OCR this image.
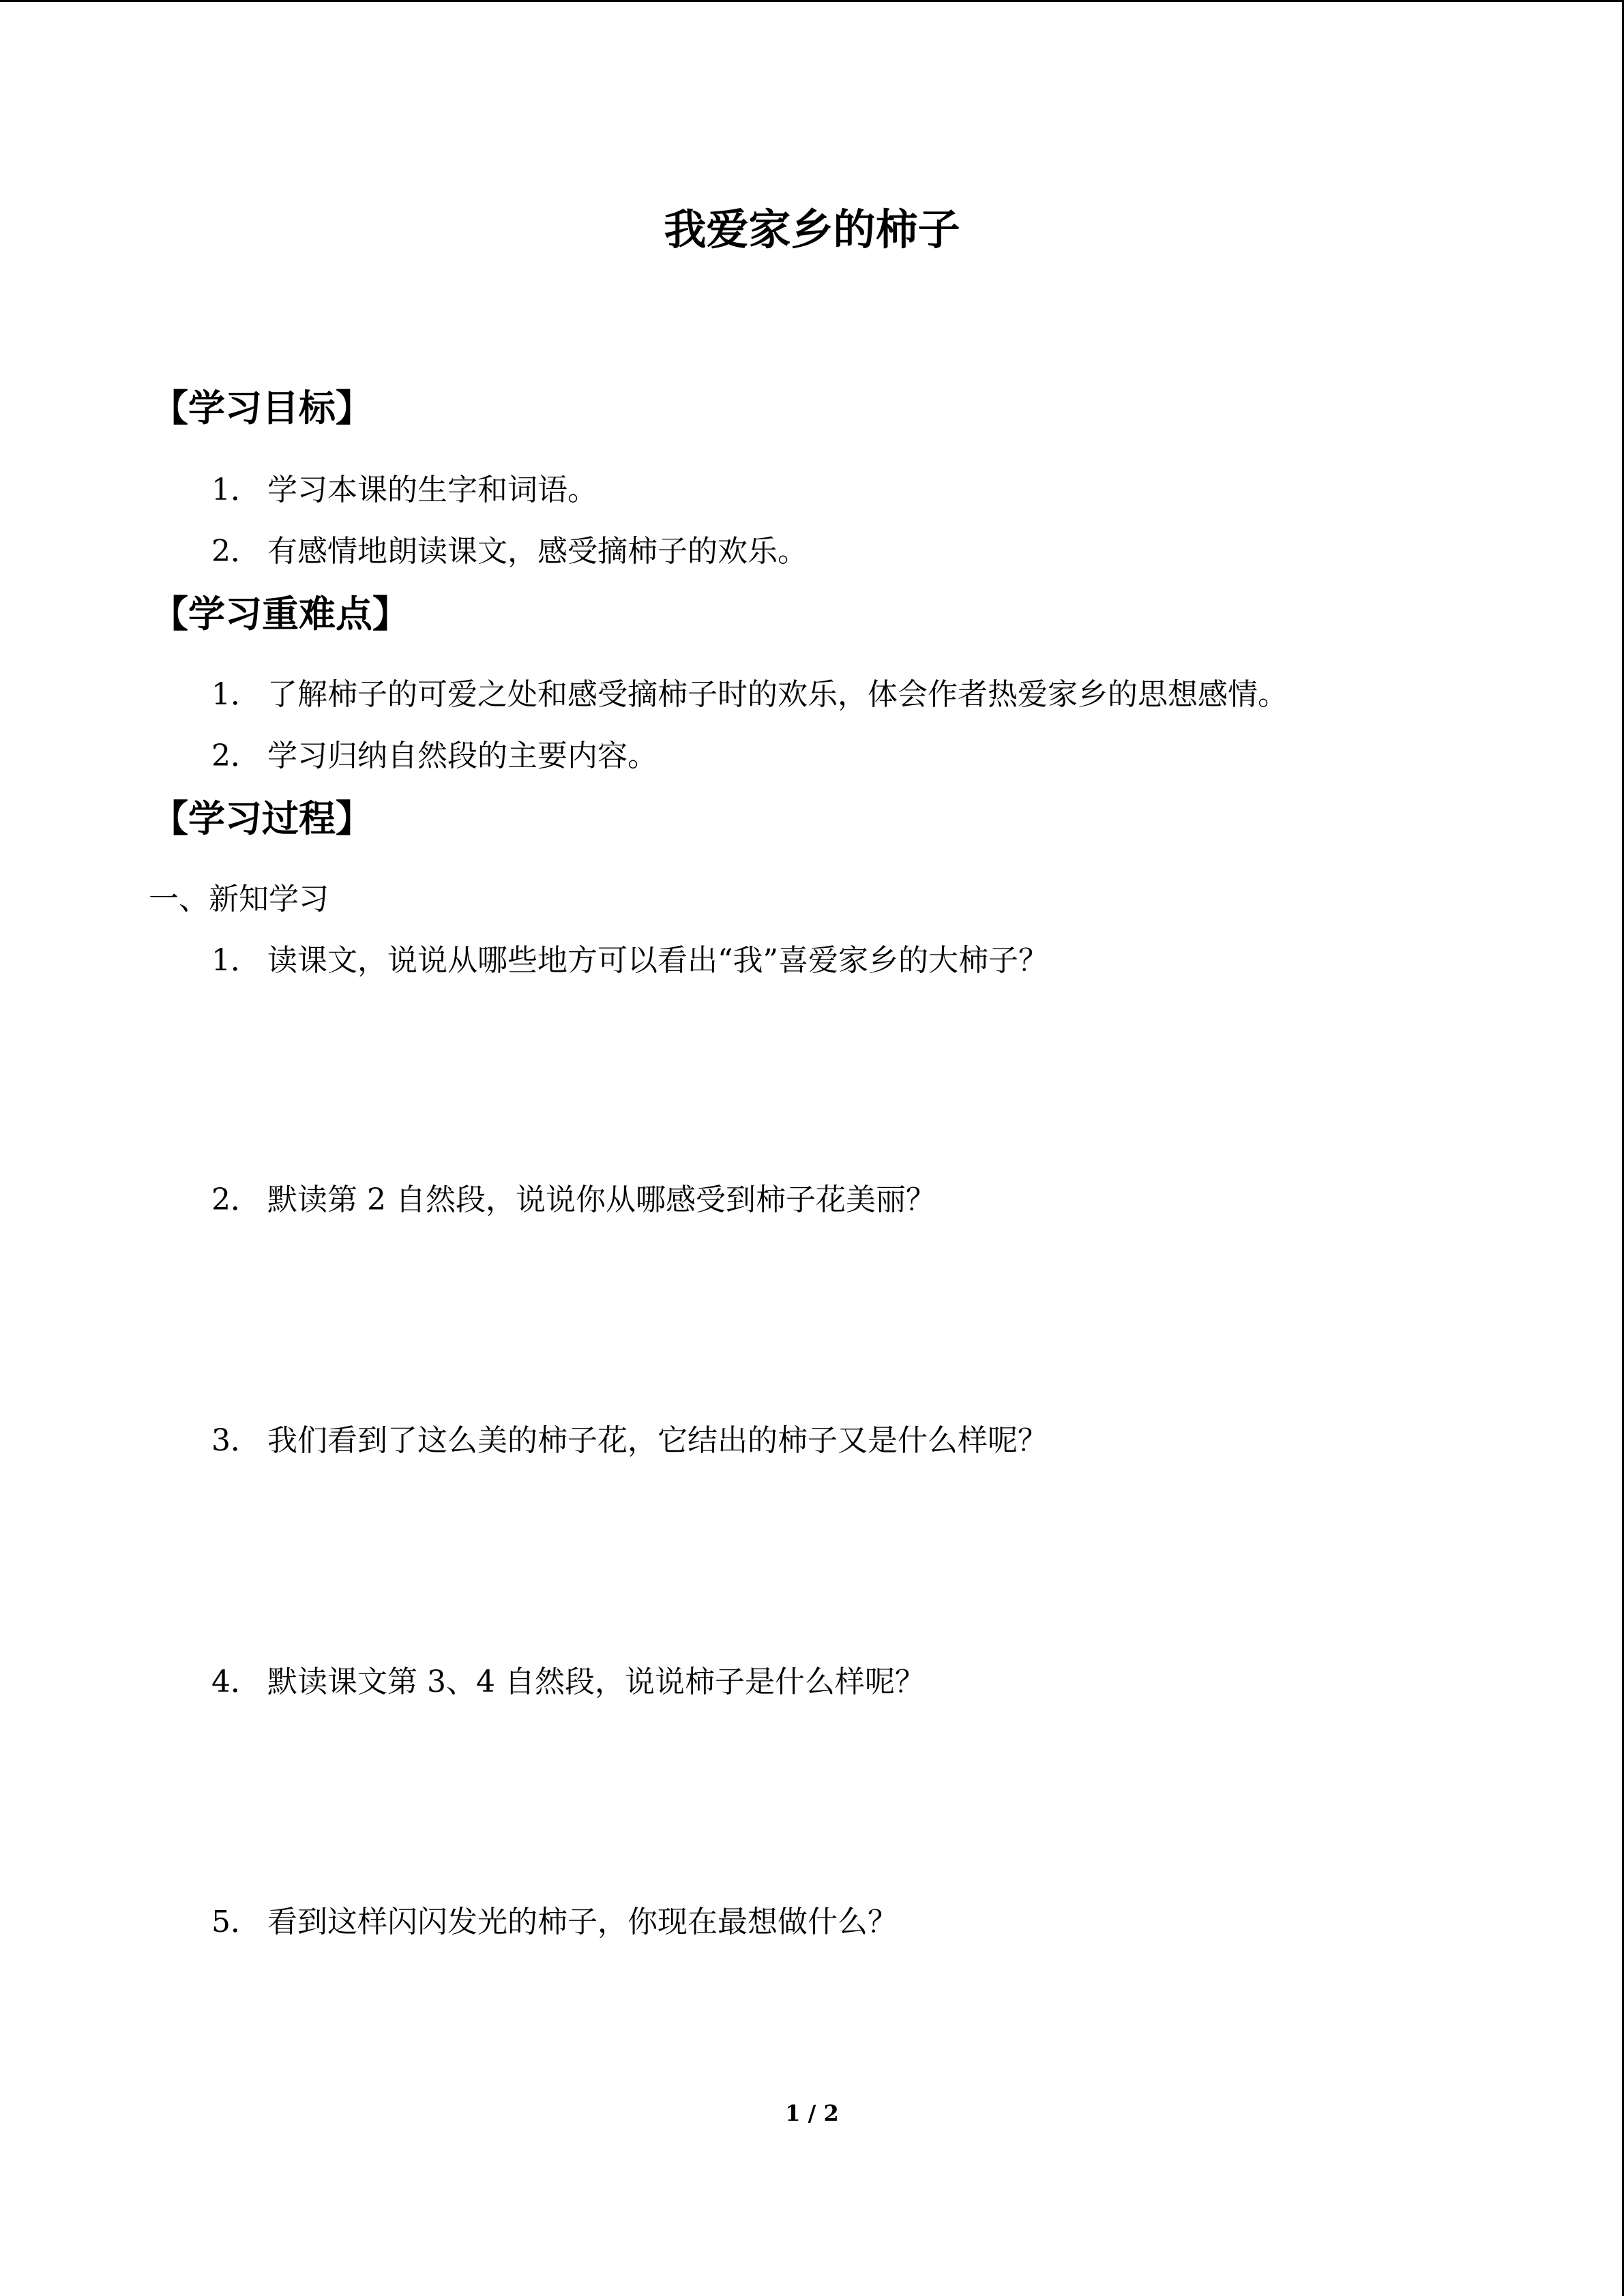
我爱家乡的柿子
【学习目标】
1． 学习本课的生字和词语。
2． 有感情地朗读课文，感受摘柿子的欢乐。
【学习重难点】
1． 了解柿子的可爱之处和感受摘柿子时的欢乐，体会作者热爱家乡的思想感情。
2． 学习归纳自然段的主要内容。
【学习过程】
一、新知学习
1． 读课文，说说从哪些地方可以看出“我”喜爱家乡的大柿子？
2． 默读第 2 自然段，说说你从哪感受到柿子花美丽？
3． 我们看到了这么美的柿子花，它结出的柿子又是什么样呢？
4． 默读课文第 3、4 自然段，说说柿子是什么样呢？
5． 看到这样闪闪发光的柿子，你现在最想做什么？
1 / 2
